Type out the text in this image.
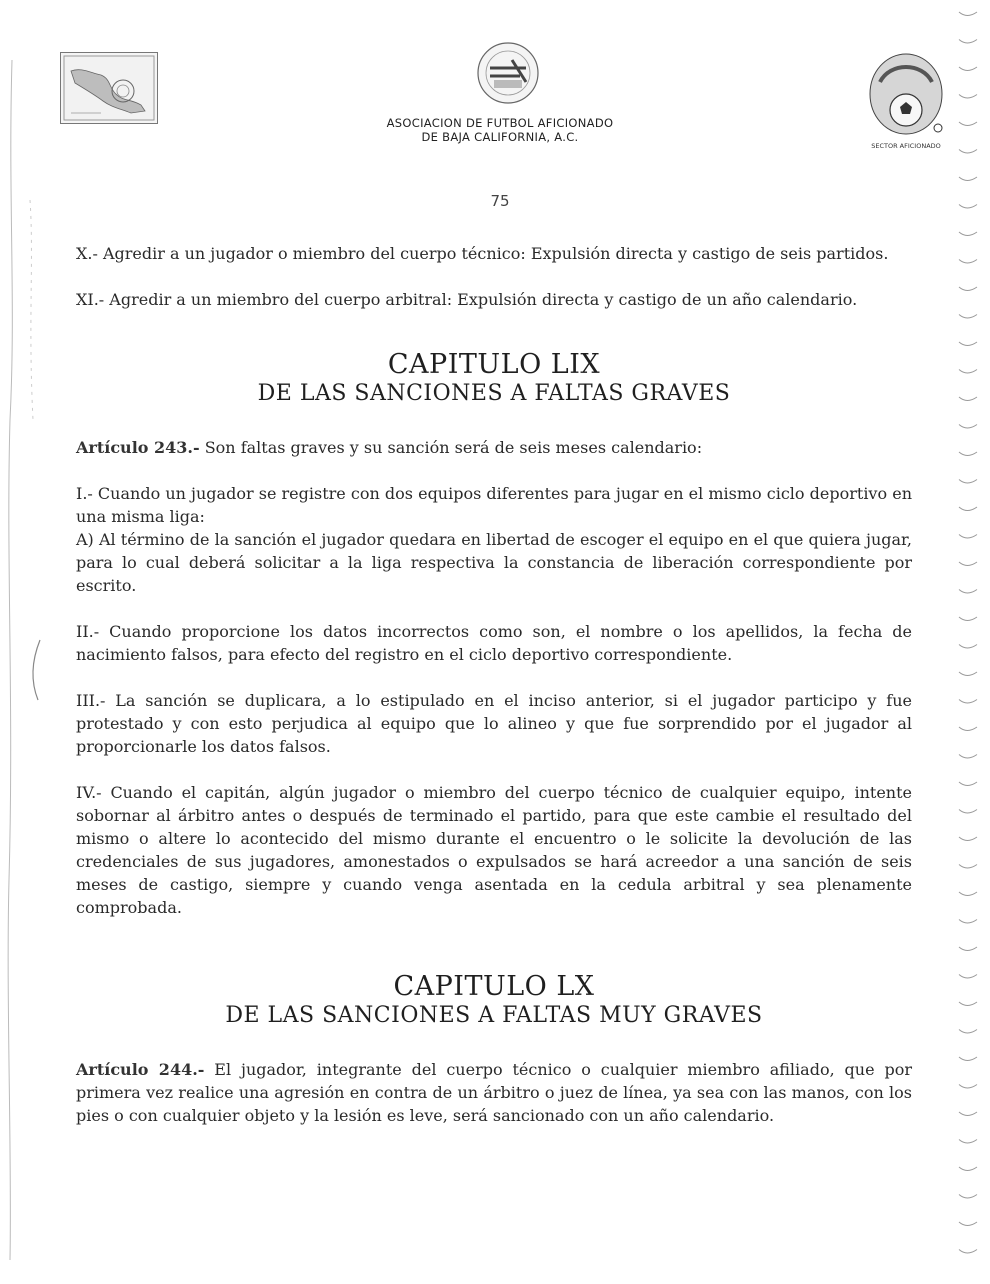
SECTOR AFICIONADO
ASOCIACION DE FUTBOL AFICIONADO
DE BAJA CALIFORNIA, A.C.
75

X.- Agredir a un jugador o miembro del cuerpo técnico: Expulsión directa y castigo de seis partidos.

XI.- Agredir a un miembro del cuerpo arbitral: Expulsión directa y castigo de un año calendario.

CAPITULO LIX
DE LAS SANCIONES A FALTAS GRAVES

Artículo 243.- Son faltas graves y su sanción será de seis meses calendario:

I.- Cuando un jugador se registre con dos equipos diferentes para jugar en el mismo ciclo deportivo en una misma liga:

A) Al término de la sanción el jugador quedara en libertad de escoger el equipo en el que quiera jugar, para lo cual deberá solicitar a la liga respectiva la constancia de liberación correspondiente por escrito.

II.- Cuando proporcione los datos incorrectos como son, el nombre o los apellidos, la fecha de nacimiento falsos, para efecto del registro en el ciclo deportivo correspondiente.

III.- La sanción se duplicara, a lo estipulado en el inciso anterior, si el jugador participo y fue protestado y con esto perjudica al equipo que lo alineo y que fue sorprendido por el jugador al proporcionarle los datos falsos.

IV.- Cuando el capitán, algún jugador o miembro del cuerpo técnico de cualquier equipo, intente sobornar al árbitro antes o después de terminado el partido, para que este cambie el resultado del mismo o altere lo acontecido del mismo durante el encuentro o le solicite la devolución de las credenciales de sus jugadores, amonestados o expulsados se hará acreedor a una sanción de seis meses de castigo, siempre y cuando venga asentada en la cedula arbitral y sea plenamente comprobada.

CAPITULO LX
DE LAS SANCIONES A FALTAS MUY GRAVES

Artículo 244.- El jugador, integrante del cuerpo técnico o cualquier miembro afiliado, que por primera vez realice una agresión en contra de un árbitro o juez de línea, ya sea con las manos, con los pies o con cualquier objeto y la lesión es leve, será sancionado con un año calendario.
